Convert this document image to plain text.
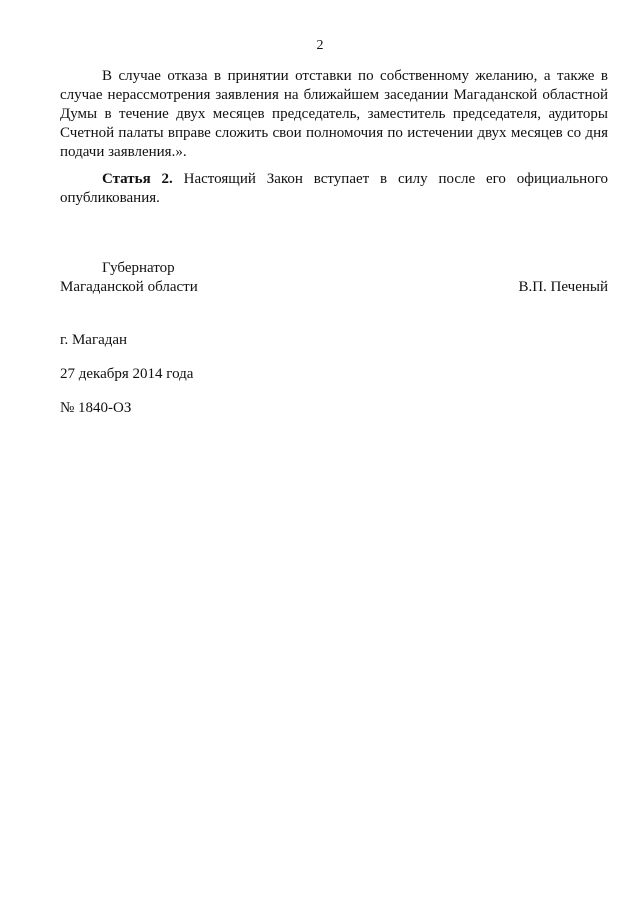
2
В случае отказа в принятии отставки по собственному желанию, а также в случае нерассмотрения заявления на ближайшем заседании Магаданской областной Думы в течение двух месяцев председатель, заместитель председателя, аудиторы Счетной палаты вправе сложить свои полномочия по истечении двух месяцев со дня подачи заявления.».
Статья 2. Настоящий Закон вступает в силу после его официального опубликования.
Губернатор
Магаданской области	В.П. Печеный
г. Магадан
27 декабря 2014 года
№ 1840-ОЗ
